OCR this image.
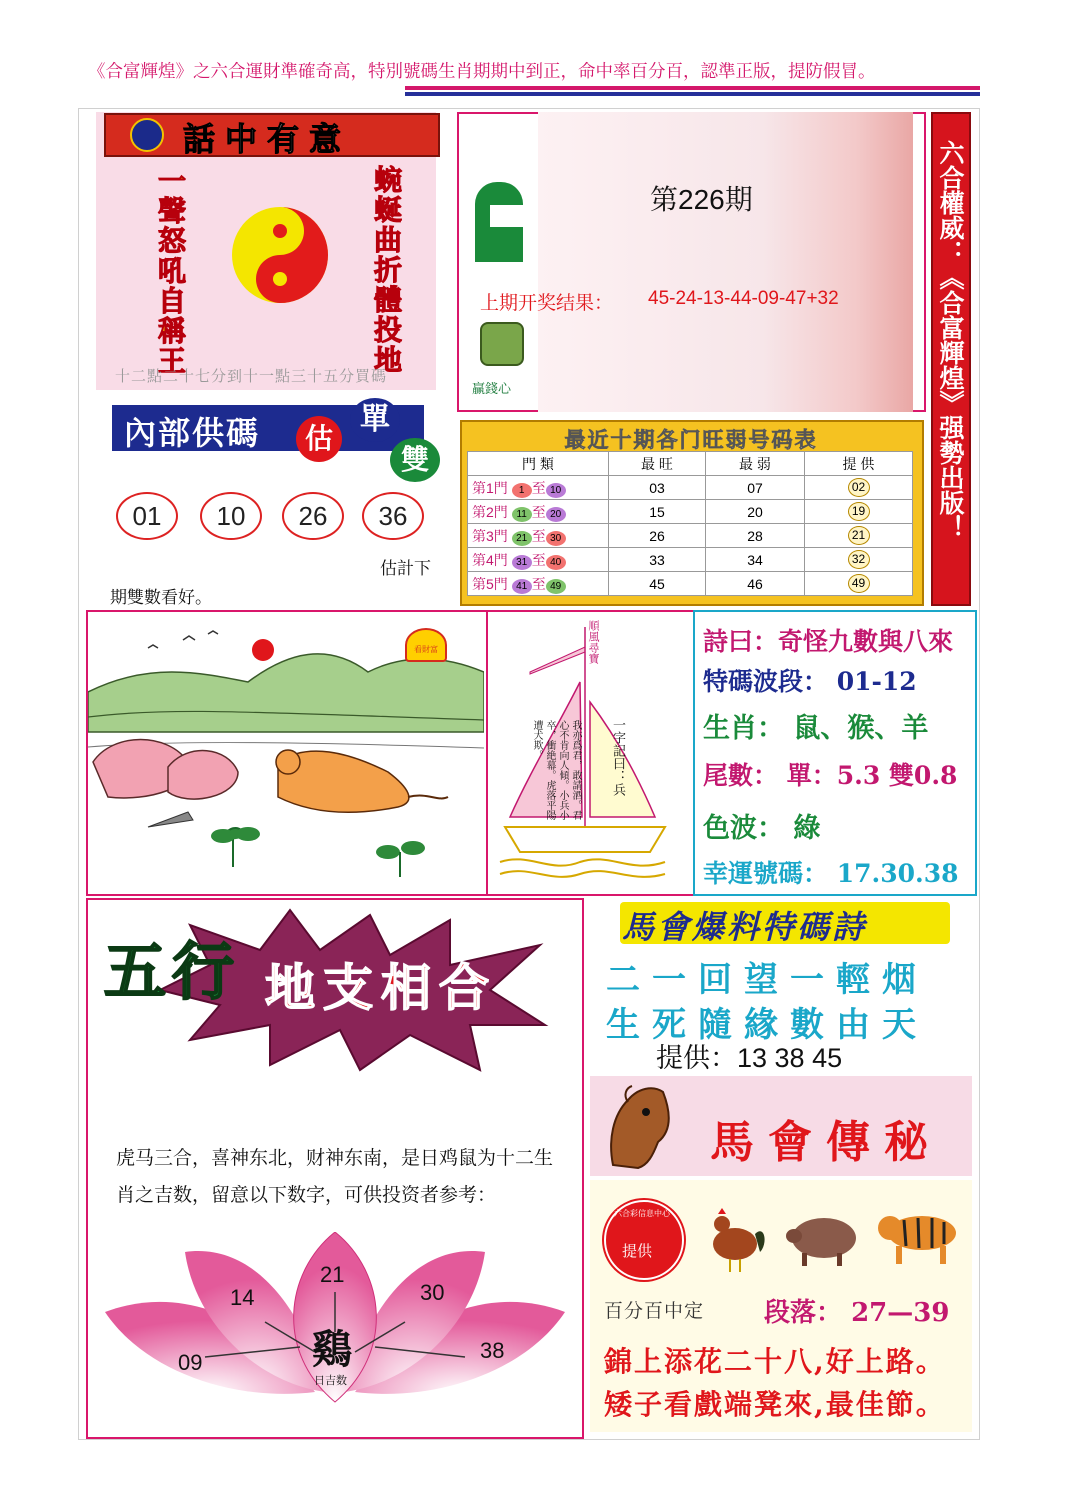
《合富輝煌》之六合運財準確奇高，特別號碼生肖期期中到正，命中率百分百，認準正版，提防假冒。
話中有意
一聲怒吼自稱王	蜿蜒曲折體投地
十二點二十七分到十一點三十五分買碼
第226期
上期开奖结果： 45-24-13-44-09-47+32
贏錢心	六合權威：《合富輝煌》强勢出版！
內部供碼	估
單
雙
01	10	26	36
估計下
期雙數看好。
最近十期各门旺弱号码表
門 類	最 旺	最 弱	提 供
第1門 1 至 10	03	07	02
第2門 11 至 20	15	20	19
第3門 21 至 30	26	28	21
第4門 31 至 40	33	34	32
第5門 41 至 49	45	46	49
看財富	順風尋寶
一字記曰：兵
我亦爲君，敢請酒。君心不肯向人傾。小兵小卒，衝絶幕。虎落平陽遭犬欺。
詩曰：奇怪九數與八來
特碼波段： 01-12
生肖： 鼠、猴、羊
尾數： 單：5.3 雙0.8
色波： 綠
幸運號碼： 17.30.38
五行 地支相合
虎马三合，喜神东北，财神东南，是日鸡鼠为十二生肖之吉数，留意以下数字，可供投资者参考：
21
14	30
09	38
鷄
日吉数
馬會爆料特碼詩
二一回望一輕烟
生死隨緣數由天
提供：13 38 45
馬會傳秘
六合彩信息中心
提供
百分百中定 段落： 27—39
錦上添花二十八,好上路。
矮子看戲端凳來,最佳節。
